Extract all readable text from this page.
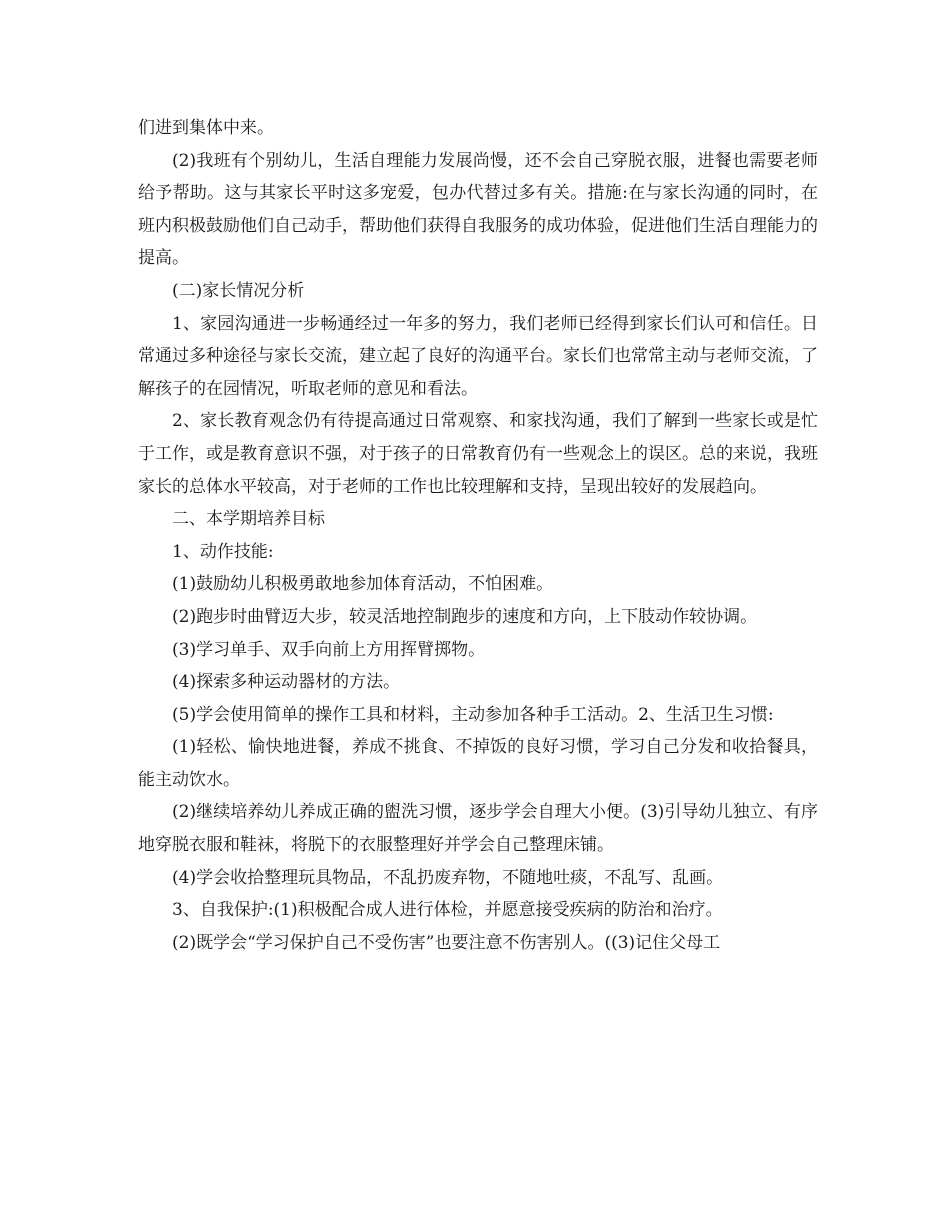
们进到集体中来。

(2)我班有个别幼儿，生活自理能力发展尚慢，还不会自己穿脱衣服，进餐也需要老师给予帮助。这与其家长平时这多宠爱，包办代替过多有关。措施:在与家长沟通的同时，在班内积极鼓励他们自己动手，帮助他们获得自我服务的成功体验，促进他们生活自理能力的提高。

(二)家长情况分析

1、家园沟通进一步畅通经过一年多的努力，我们老师已经得到家长们认可和信任。日常通过多种途径与家长交流，建立起了良好的沟通平台。家长们也常常主动与老师交流，了解孩子的在园情况，听取老师的意见和看法。

2、家长教育观念仍有待提高通过日常观察、和家找沟通，我们了解到一些家长或是忙于工作，或是教育意识不强，对于孩子的日常教育仍有一些观念上的误区。总的来说，我班家长的总体水平较高，对于老师的工作也比较理解和支持，呈现出较好的发展趋向。

二、本学期培养目标

1、动作技能:

(1)鼓励幼儿积极勇敢地参加体育活动，不怕困难。

(2)跑步时曲臂迈大步，较灵活地控制跑步的速度和方向，上下肢动作较协调。

(3)学习单手、双手向前上方用挥臂掷物。

(4)探索多种运动器材的方法。

(5)学会使用简单的操作工具和材料，主动参加各种手工活动。2、生活卫生习惯:

(1)轻松、愉快地进餐，养成不挑食、不掉饭的良好习惯，学习自己分发和收拾餐具，能主动饮水。

(2)继续培养幼儿养成正确的盥洗习惯，逐步学会自理大小便。(3)引导幼儿独立、有序地穿脱衣服和鞋袜，将脱下的衣服整理好并学会自己整理床铺。

(4)学会收拾整理玩具物品，不乱扔废弃物，不随地吐痰，不乱写、乱画。

3、自我保护:(1)积极配合成人进行体检，并愿意接受疾病的防治和治疗。

(2)既学会“学习保护自己不受伤害”也要注意不伤害别人。((3)记住父母工
